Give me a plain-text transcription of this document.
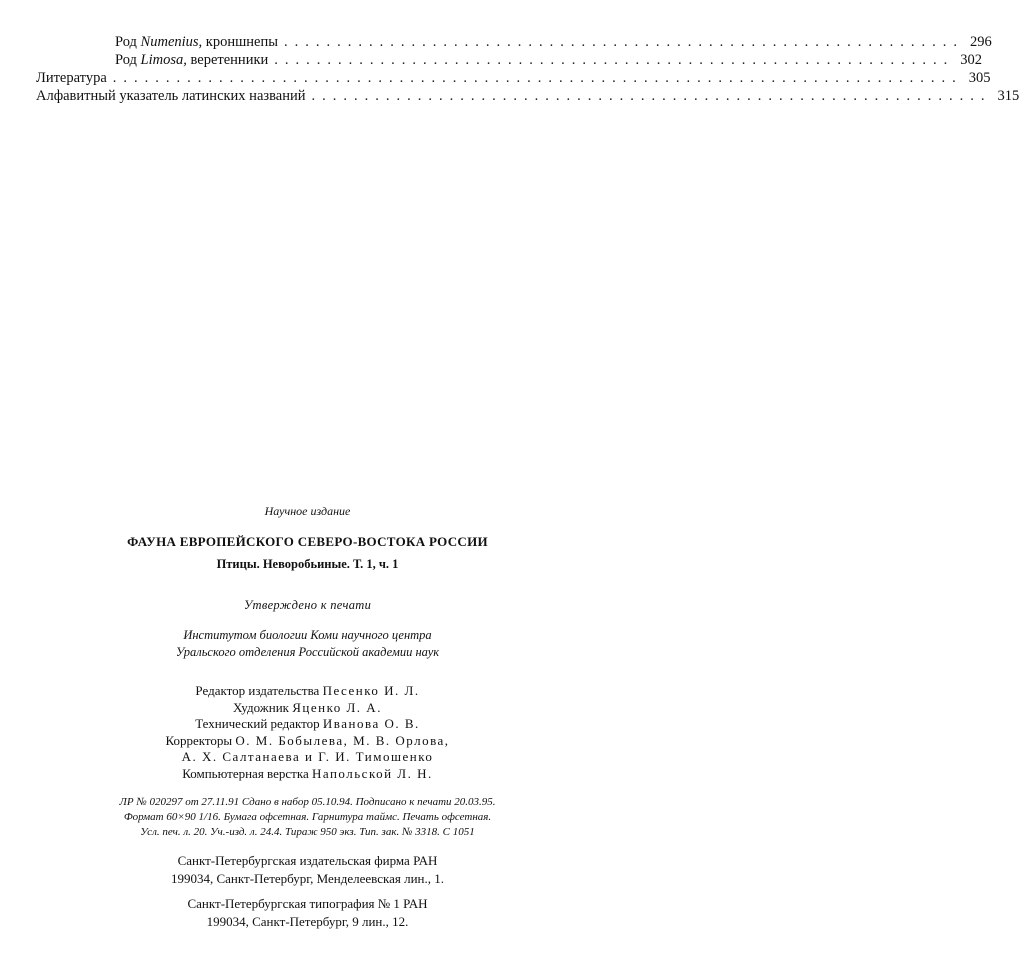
Род Numenius, кроншнепы ................................................................ 296
Род Limosa, веретенники ................................................................ 302
Литература ................................................................................ 305
Алфавитный указатель латинских названий ................................................................ 315
Научное издание
ФАУНА ЕВРОПЕЙСКОГО СЕВЕРО-ВОСТОКА РОССИИ
Птицы. Неворобьиные. Т. 1, ч. 1
Утверждено к печати
Институтом биологии Коми научного центра
Уральского отделения Российской академии наук
Редактор издательства Песенко И. Л.
Художник Яценко Л. А.
Технический редактор Иванова О. В.
Корректоры О. М. Бобылева, М. В. Орлова,
А. Х. Салтанаева и Г. И. Тимошенко
Компьютерная верстка Напольской Л. Н.
ЛР № 020297 от 27.11.91 Сдано в набор 05.10.94. Подписано к печати 20.03.95.
Формат 60×90 1/16. Бумага офсетная. Гарнитура таймс. Печать офсетная.
Усл. печ. л. 20. Уч.-изд. л. 24.4. Тираж 950 экз. Тип. зак. № 3318. С 1051
Санкт-Петербургская издательская фирма РАН
199034, Санкт-Петербург, Менделеевская лин., 1.
Санкт-Петербургская типография № 1 РАН
199034, Санкт-Петербург, 9 лин., 12.
